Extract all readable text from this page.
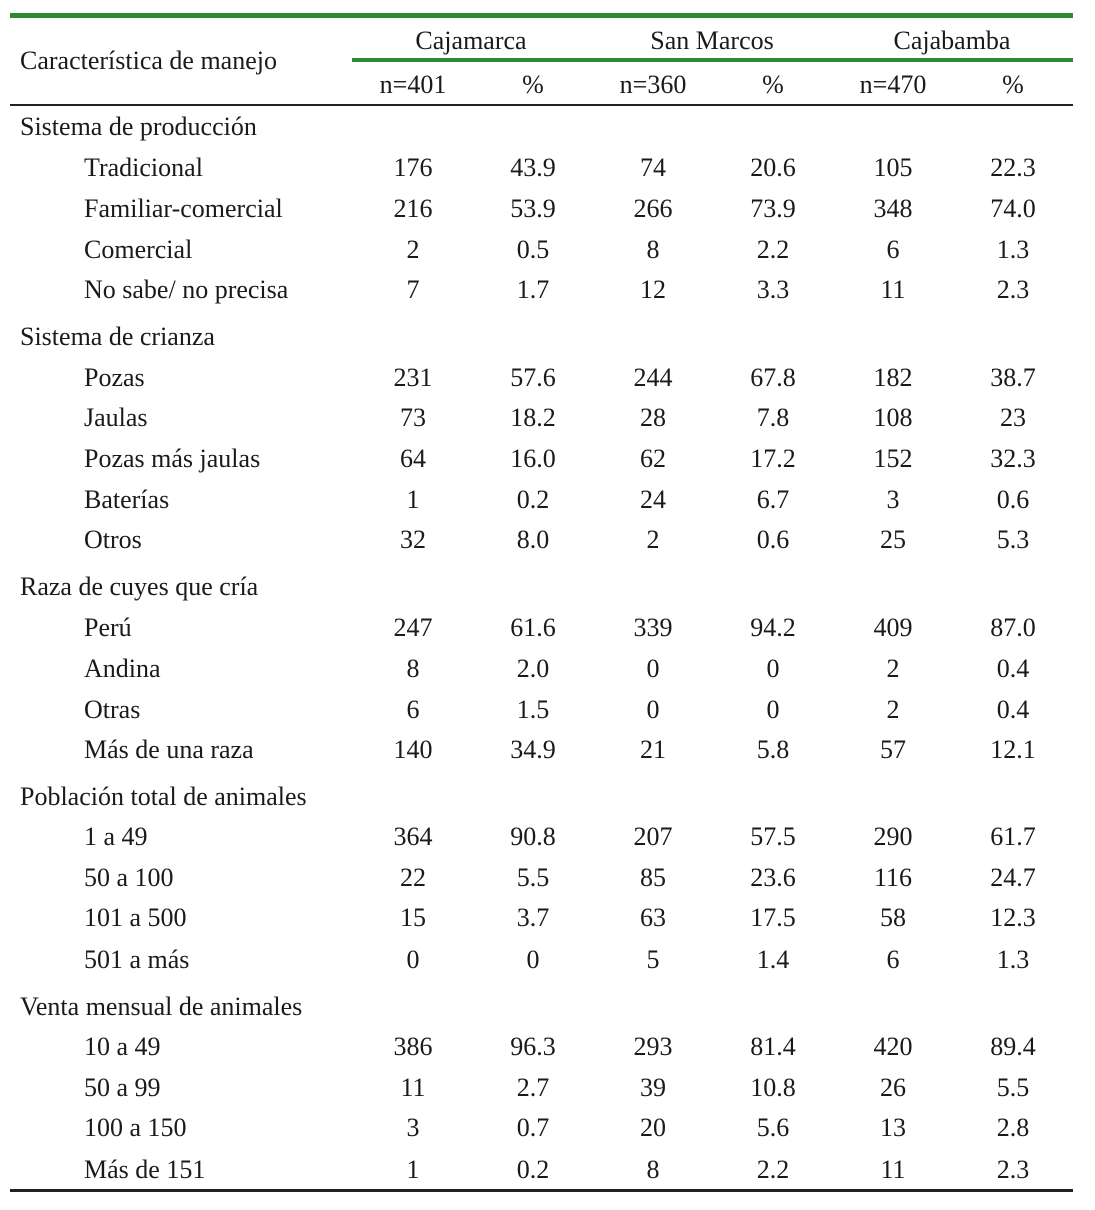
Característica de manejo
Cajamarca	San Marcos	Cajabamba
n=401	%	n=360	%	n=470	%
Sistema de producción
Tradicional	176	43.9	74	20.6	105	22.3
Familiar-comercial	216	53.9	266	73.9	348	74.0
Comercial	2	0.5	8	2.2	6	1.3
No sabe/ no precisa	7	1.7	12	3.3	11	2.3
Sistema de crianza
Pozas	231	57.6	244	67.8	182	38.7
Jaulas	73	18.2	28	7.8	108	23
Pozas más jaulas	64	16.0	62	17.2	152	32.3
Baterías	1	0.2	24	6.7	3	0.6
Otros	32	8.0	2	0.6	25	5.3
Raza de cuyes que cría
Perú	247	61.6	339	94.2	409	87.0
Andina	8	2.0	0	0	2	0.4
Otras	6	1.5	0	0	2	0.4
Más de una raza	140	34.9	21	5.8	57	12.1
Población total de animales
1 a 49	364	90.8	207	57.5	290	61.7
50 a 100	22	5.5	85	23.6	116	24.7
101 a 500	15	3.7	63	17.5	58	12.3
501 a más	0	0	5	1.4	6	1.3
Venta mensual de animales
10 a 49	386	96.3	293	81.4	420	89.4
50 a 99	11	2.7	39	10.8	26	5.5
100 a 150	3	0.7	20	5.6	13	2.8
Más de 151	1	0.2	8	2.2	11	2.3
